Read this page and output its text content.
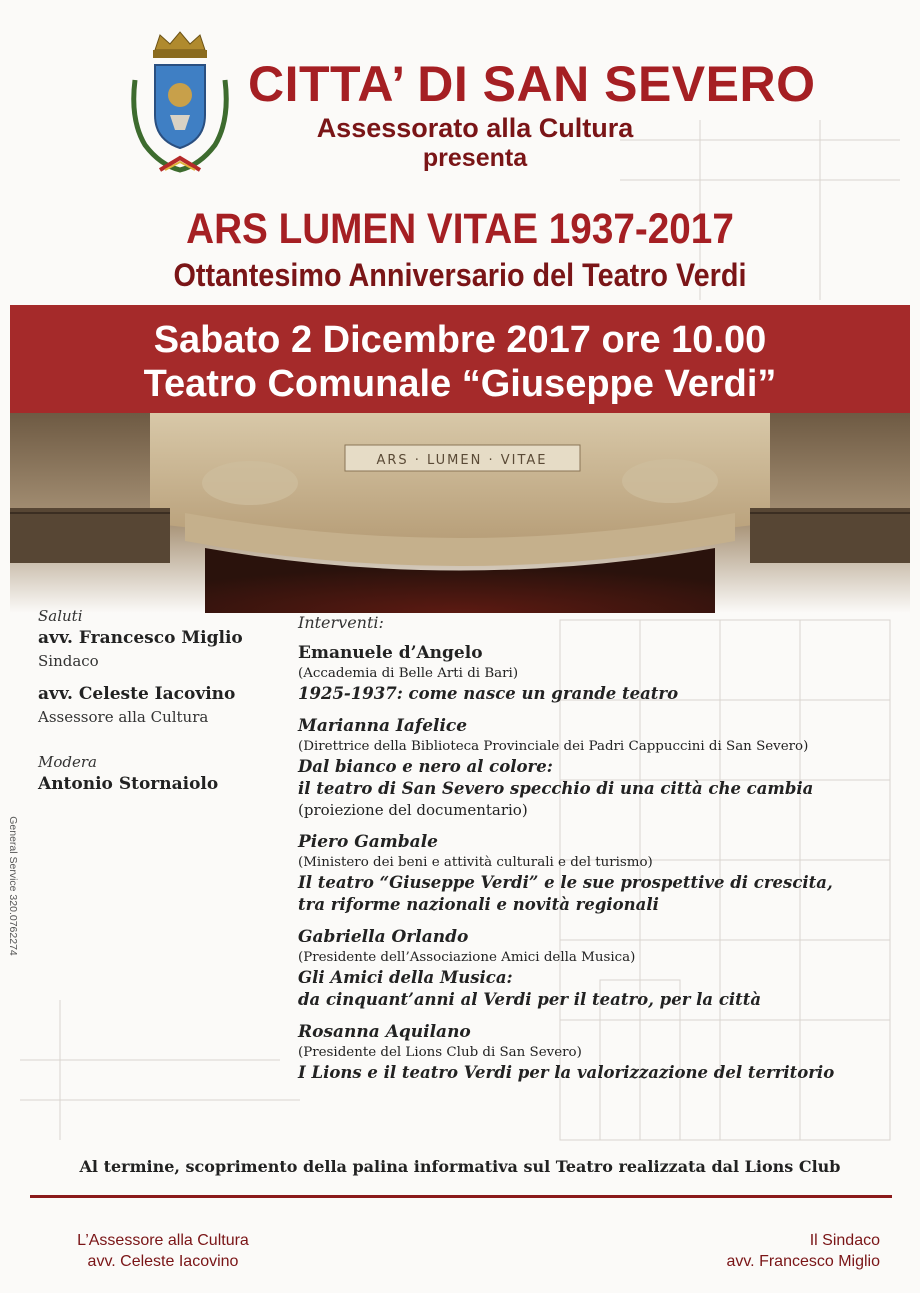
CITTA’ DI SAN SEVERO
Assessorato alla Cultura
presenta
ARS LUMEN VITAE 1937-2017
Ottantesimo Anniversario del Teatro Verdi
Sabato 2 Dicembre 2017 ore 10.00
Teatro Comunale “Giuseppe Verdi”
ARS · LUMEN · VITAE
Saluti
avv. Francesco Miglio
Sindaco
avv. Celeste Iacovino
Assessore alla Cultura
Modera
Antonio Stornaiolo
Interventi:
Emanuele d’Angelo
(Accademia di Belle Arti di Bari)
1925-1937: come nasce un grande teatro
Marianna Iafelice
(Direttrice della Biblioteca Provinciale dei Padri Cappuccini di San Severo)
Dal bianco e nero al colore:
il teatro di San Severo specchio di una città che cambia
(proiezione del documentario)
Piero Gambale
(Ministero dei beni e attività culturali e del turismo)
Il teatro “Giuseppe Verdi” e le sue prospettive di crescita,
tra riforme nazionali e novità regionali
Gabriella Orlando
(Presidente dell’Associazione Amici della Musica)
Gli Amici della Musica:
da cinquant’anni al Verdi per il teatro, per la città
Rosanna Aquilano
(Presidente del Lions Club di San Severo)
I Lions e il teatro Verdi per la valorizzazione del territorio
General Service 320.0762274
Al termine, scoprimento della palina informativa sul Teatro realizzata dal Lions Club
L’Assessore alla Cultura
avv. Celeste Iacovino
Il Sindaco
avv. Francesco Miglio
